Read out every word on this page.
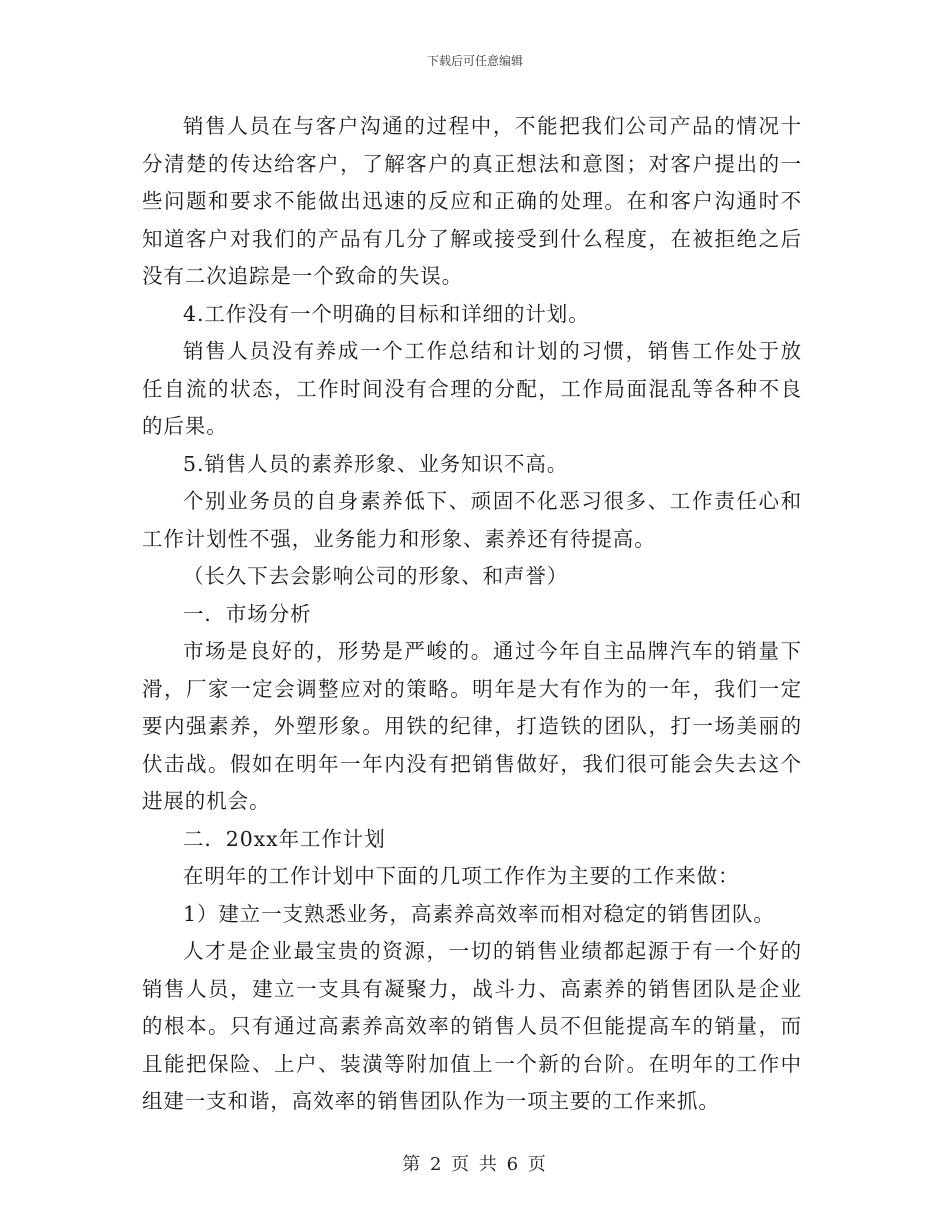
下载后可任意编辑

销售人员在与客户沟通的过程中，不能把我们公司产品的情况十分清楚的传达给客户，了解客户的真正想法和意图；对客户提出的一些问题和要求不能做出迅速的反应和正确的处理。在和客户沟通时不知道客户对我们的产品有几分了解或接受到什么程度，在被拒绝之后没有二次追踪是一个致命的失误。

4.工作没有一个明确的目标和详细的计划。

销售人员没有养成一个工作总结和计划的习惯，销售工作处于放任自流的状态，工作时间没有合理的分配，工作局面混乱等各种不良的后果。

5.销售人员的素养形象、业务知识不高。

个别业务员的自身素养低下、顽固不化恶习很多、工作责任心和工作计划性不强，业务能力和形象、素养还有待提高。

（长久下去会影响公司的形象、和声誉）

一．市场分析

市场是良好的，形势是严峻的。通过今年自主品牌汽车的销量下滑，厂家一定会调整应对的策略。明年是大有作为的一年，我们一定要内强素养，外塑形象。用铁的纪律，打造铁的团队，打一场美丽的伏击战。假如在明年一年内没有把销售做好，我们很可能会失去这个进展的机会。

二．20xx年工作计划

在明年的工作计划中下面的几项工作作为主要的工作来做：

1）建立一支熟悉业务，高素养高效率而相对稳定的销售团队。

人才是企业最宝贵的资源，一切的销售业绩都起源于有一个好的销售人员，建立一支具有凝聚力，战斗力、高素养的销售团队是企业的根本。只有通过高素养高效率的销售人员不但能提高车的销量，而且能把保险、上户、装潢等附加值上一个新的台阶。在明年的工作中组建一支和谐，高效率的销售团队作为一项主要的工作来抓。

第 2 页 共 6 页
